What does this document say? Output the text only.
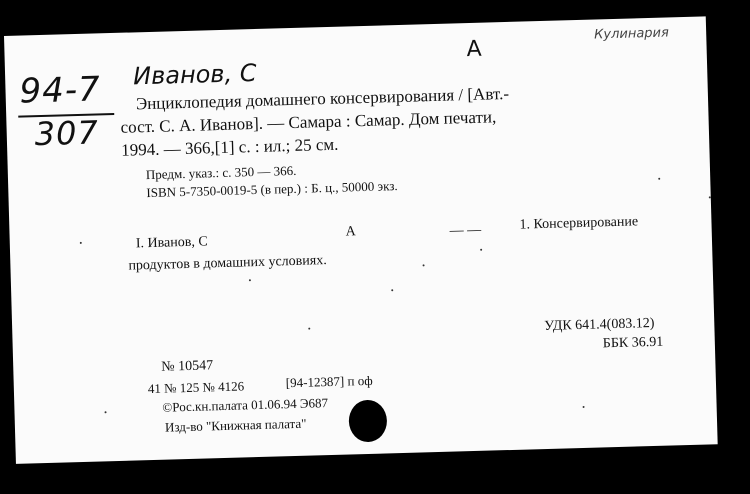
94-7
307
Иванов, С
А
Кулинария
Энциклопедия домашнего консервирования / [Авт.-
сост. С. А. Иванов]. — Самара : Самар. Дом печати,
1994. — 366,[1] с. : ил.; 25 см.
Предм. указ.: с. 350 — 366.
ISBN 5-7350-0019-5 (в пер.) : Б. ц., 50000 экз.
I. Иванов, С
А	— —	1. Консервирование
продуктов в домашних условиях.
УДК 641.4(083.12)
ББК 36.91
№ 10547
41 № 125 № 4126	[94-12387] п оф
©Рос.кн.палата 01.06.94 Э687
Изд-во "Книжная палата"
